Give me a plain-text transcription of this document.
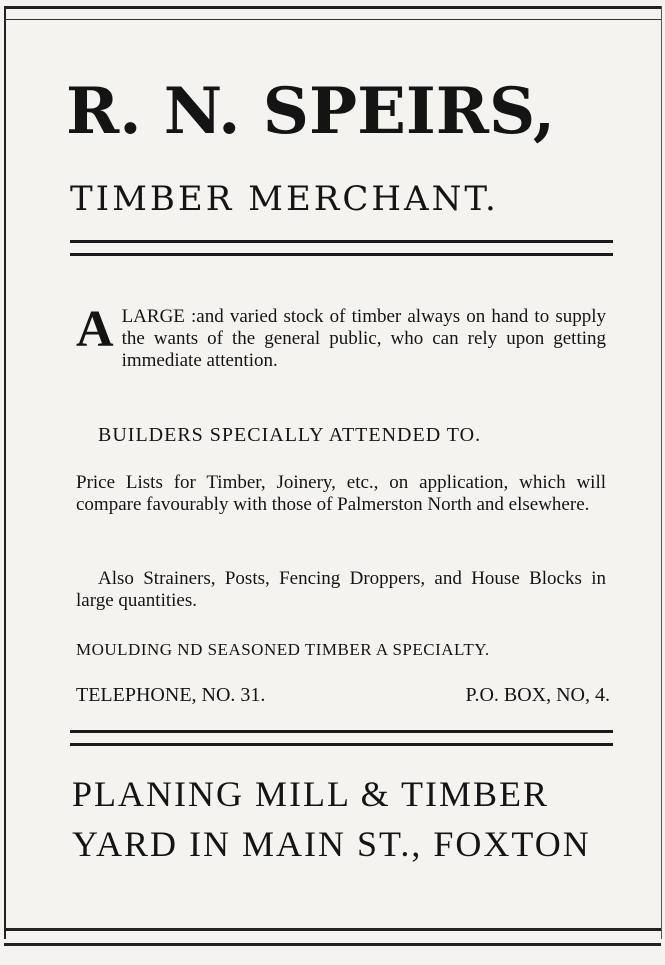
R. N. SPEIRS,
TIMBER MERCHANT.
A LARGE :and varied stock of timber always on hand to supply the wants of the general public, who can rely upon getting immediate attention.
BUILDERS SPECIALLY ATTENDED TO.
Price Lists for Timber, Joinery, etc., on application, which will compare favourably with those of Palmerston North and elsewhere.
Also Strainers, Posts, Fencing Droppers, and House Blocks in large quantities.
MOULDING ND SEASONED TIMBER A SPECIALTY.
TELEPHONE, NO. 31.	P.O. BOX, NO, 4.
PLANING MILL & TIMBER
YARD IN MAIN ST., FOXTON
